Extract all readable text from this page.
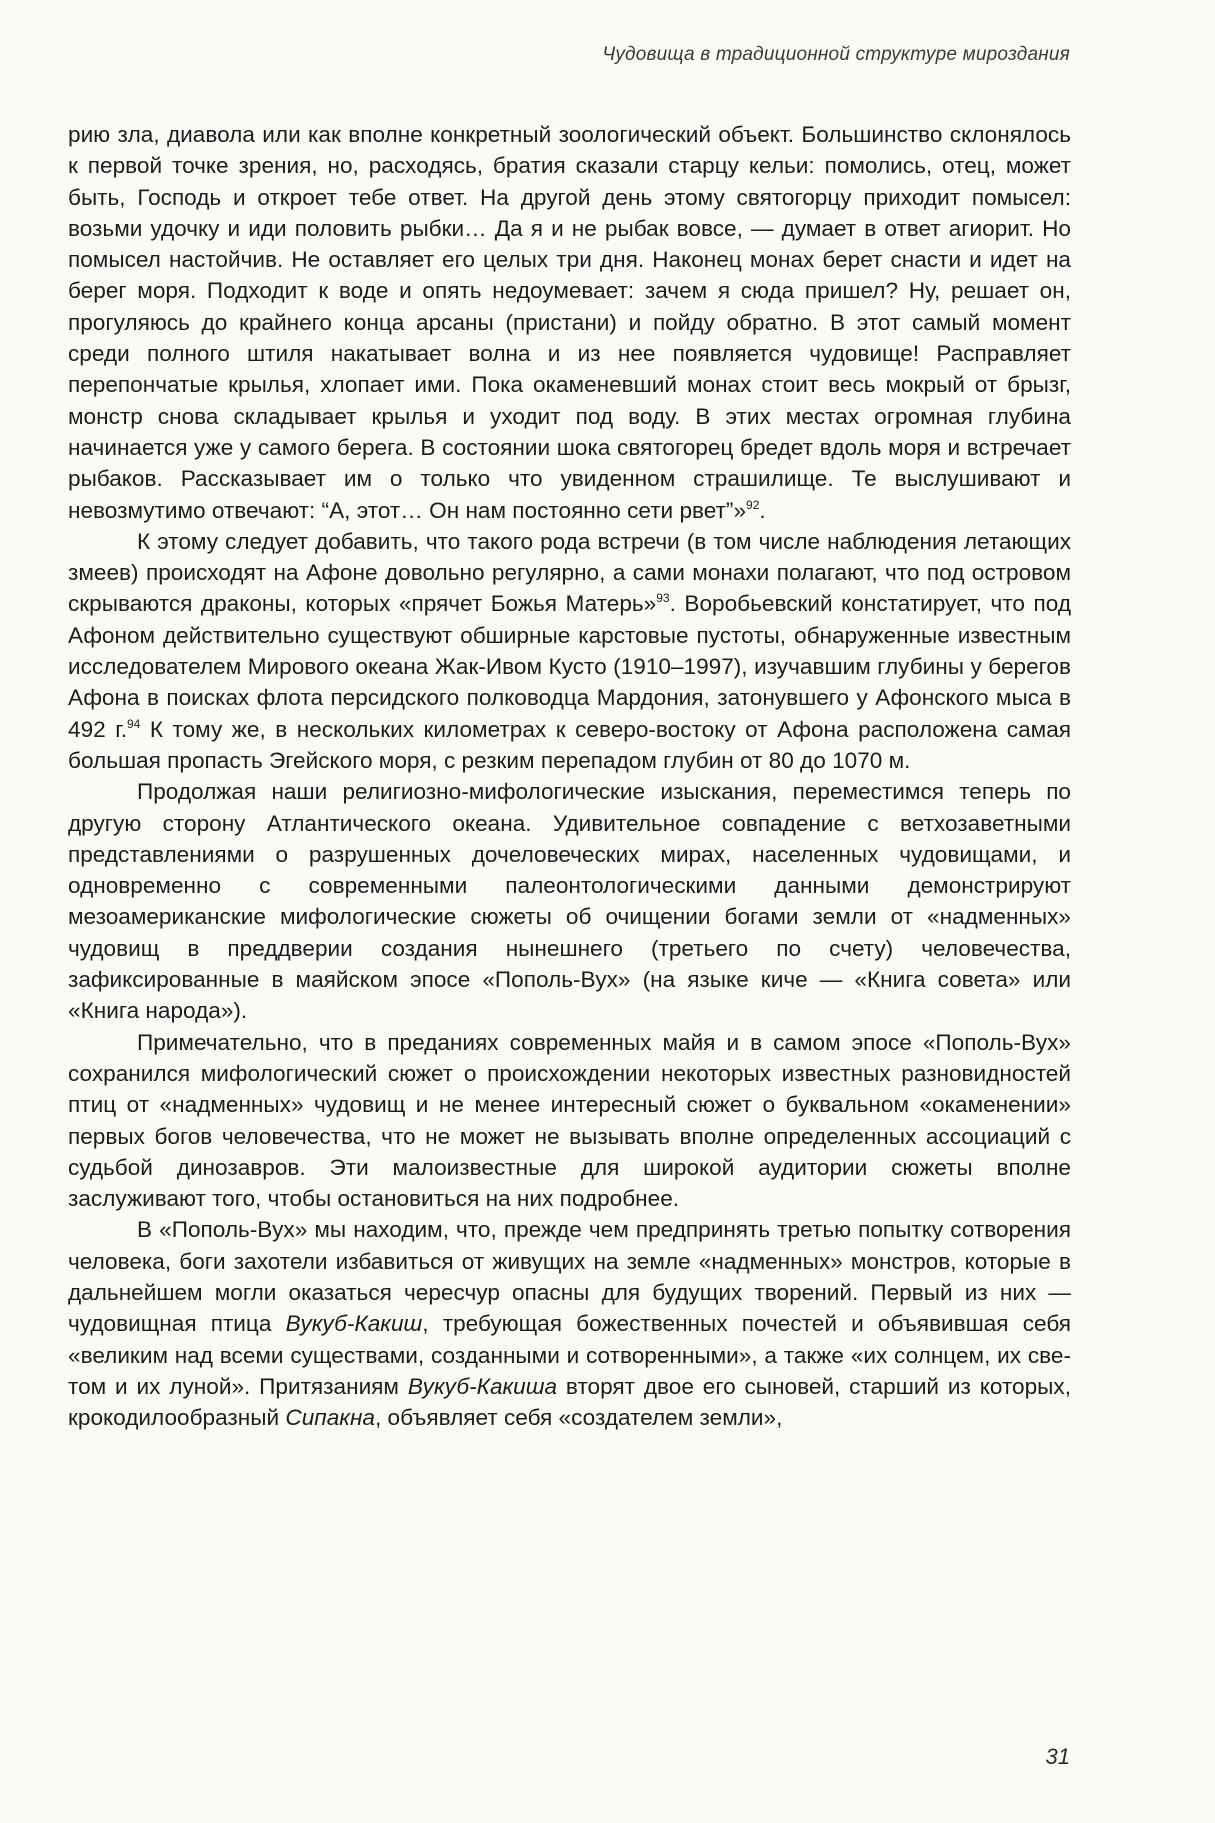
Чудовища в традиционной структуре мироздания

рию зла, диавола или как вполне конкретный зоологический объект. Большинство склонялось к первой точке зрения, но, расходясь, братия сказали старцу кельи: помолись, отец, может быть, Господь и откроет тебе ответ. На другой день этому святогорцу приходит помысел: возьми удочку и иди половить рыбки… Да я и не рыбак вовсе, — думает в ответ агиорит. Но помысел настойчив. Не оставляет его целых три дня. Наконец монах берет снасти и идет на берег моря. Подходит к воде и опять недоумевает: зачем я сюда пришел? Ну, решает он, прогуляюсь до крайнего конца арсаны (пристани) и пойду обратно. В этот самый момент среди полного штиля накатывает волна и из нее появляется чудовище! Расправляет перепончатые крылья, хлопает ими. Пока окаменевший монах стоит весь мокрый от брызг, монстр снова складывает крылья и уходит под воду. В этих местах огромная глубина начинается уже у самого берега. В состоянии шока святогорец бредет вдоль моря и встречает рыбаков. Рассказывает им о только что увиденном страшилище. Те выслушивают и невозмутимо отвечают: “А, этот… Он нам постоянно сети рвет”»$^{92}$.

К этому следует добавить, что такого рода встречи (в том числе наблюдения летающих змеев) происходят на Афоне довольно регулярно, а сами монахи полагают, что под островом скрываются драконы, которых «прячет Божья Матерь»$^{93}$. Воробьевский констатирует, что под Афоном действительно существуют обширные карстовые пустоты, обнаруженные известным исследователем Мирового океана Жак-Ивом Кусто (1910–1997), изучавшим глубины у берегов Афона в поисках флота персидского полководца Мардония, затонувшего у Афонского мыса в 492 г.$^{94}$ К тому же, в нескольких километрах к северо-востоку от Афона расположена самая большая пропасть Эгейского моря, с резким перепадом глубин от 80 до 1070 м.

Продолжая наши религиозно-мифологические изыскания, переместимся теперь по другую сторону Атлантического океана. Удивительное совпадение с ветхозаветными представлениями о разрушенных дочеловеческих мирах, населенных чудовищами, и одновременно с современными палеонтологическими данными демонстрируют мезоамериканские мифологические сюжеты об очищении богами земли от «надменных» чудовищ в преддверии создания нынешнего (третьего по счету) человечества, зафиксированные в маяйском эпосе «Пополь-Вух» (на языке киче — «Книга совета» или «Книга народа»).

Примечательно, что в преданиях современных майя и в самом эпосе «Пополь-Вух» сохранился мифологический сюжет о происхождении некоторых известных разновидностей птиц от «надменных» чудовищ и не менее интересный сюжет о буквальном «окаменении» первых богов человечества, что не может не вызывать вполне определенных ассоциаций с судьбой динозавров. Эти малоизвестные для широкой аудитории сюжеты вполне заслуживают того, чтобы остановиться на них подробнее.

В «Пополь-Вух» мы находим, что, прежде чем предпринять третью попытку сотворения человека, боги захотели избавиться от живущих на земле «надменных» монстров, которые в дальнейшем могли оказаться чересчур опасны для будущих творений. Первый из них — чудовищная птица Вукуб-Какиш, требующая божественных почестей и объявившая себя «великим над всеми существами, созданными и сотворенными», а также «их солнцем, их светом и их луной». Притязаниям Вукуб-Какиша вторят двое его сыновей, старший из которых, крокодилообразный Сипакна, объявляет себя «создателем земли»,

31
